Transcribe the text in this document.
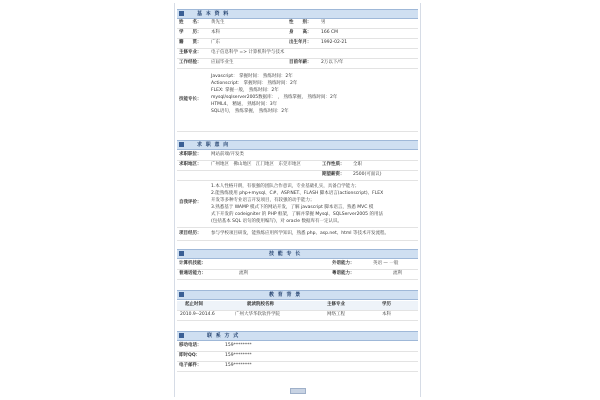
基 本 资 料
姓　　名： 黄先生	性　　别： 男
学　　历： 本科	身　　高： 166 CM
籍　　贯： 广东	出生年月： 1992-02-21
主修专业： 电子信息科学 => 计算机科学与技术
工作经验： 应届毕业生	目前年薪： 2万以下/年
技能专长：
Javascript： 掌握时间： 熟练时间：2年
Actionscript： 掌握时间： 熟练时间：2年
FLEX: 掌握一般， 熟练时间：2年
mysql/sqlserver2005数据库： ， 熟练掌握， 熟练时间：2年
HTML4、 精通， 熟练时间：3年
SQL语句， 熟练掌握， 熟练时间：2年
求 职 意 向
求职职位： 网站前端/开发类
求职地区： 广州地区　佛山地区　江门地区　东莞市地区	工作性质： 全职
期望薪资： 2500(可面议)
自我评价：
1.本人性格开朗，有很强的团队合作意识，专业基础扎实，具备自学能力；
2.能熟练使用 php+mysql、C#、ASP.NET、FLASH 脚本语言(actionscript)、FLEX
开发等多种专业语言开发项目，有较强的动手能力；
3.熟悉基于 WAMP 模式下的网站开发，了解 javascript 脚本语言，熟悉 MVC 模
式下开发的 codeigniter 的 PHP 框架，了解并掌握 Mysql、SQLServer2005 的用法
(包括基本 SQL 语句的使用编写)，对 oracle 数据库有一定认识。
项目经历： 参与学校项目研发，能熟练应用所学知识，熟悉 php、asp.net、html 等技术开发流程。
技 能 专 长
计算机技能：	外语能力：	英语 — 一般
普通话能力：	流利	粤语能力：	流利
教 育 背 景
起止时间	就读院校名称	主修专业	学历
2010.9--2014.6	广州大华华软软件学院	网络工程	本科
联 系 方 式
移动电话：	159********
即时QQ：	159********
电子邮件：	159********
